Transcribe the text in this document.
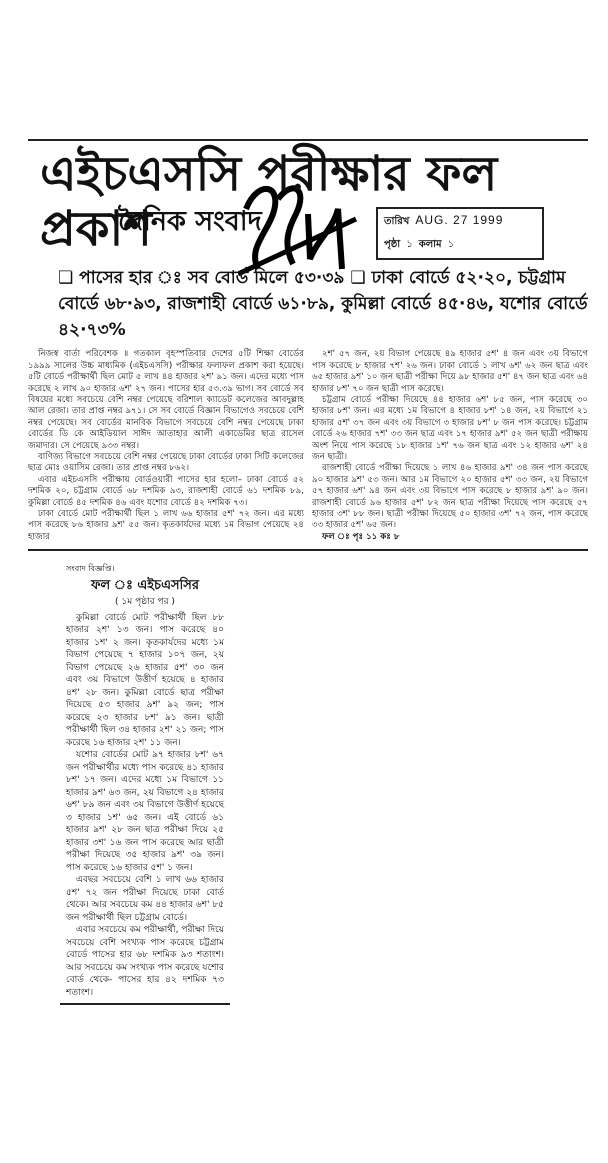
দৈনিক সংবাদ	তারিখ AUG. 27 1999
পৃষ্ঠা ১ কলাম ১
এইচএসসি পরীক্ষার ফল প্রকাশ
❏ পাসের হার ঃ সব বোর্ড মিলে ৫৩·৩৯ ❏ ঢাকা বোর্ডে ৫২·২০, চট্টগ্রাম বোর্ডে ৬৮·৯৩, রাজশাহী বোর্ডে ৬১·৮৯, কুমিল্লা বোর্ডে ৪৫·৪৬, যশোর বোর্ডে ৪২·৭৩%

নিজস্ব বার্তা পরিবেশক ॥ গতকাল বৃহস্পতিবার দেশের ৫টি শিক্ষা বোর্ডের ১৯৯৯ সালের উচ্চ মাধ্যমিক (এইচএসসি) পরীক্ষার ফলাফল প্রকাশ করা হয়েছে। ৫টি বোর্ডে পরীক্ষার্থী ছিল মোট ৫ লাখ ৪৪ হাজার ২শ' ৯১ জন। এদের মধ্যে পাস করেছে ২ লাখ ৯০ হাজার ৬শ' ২৭ জন। পাসের হার ৫৩.৩৯ ভাগ। সব বোর্ডে সব বিষয়ের মধ্যে সবচেয়ে বেশি নম্বর পেয়েছে বরিশাল ক্যাডেট কলেজের আবদুল্লাহ আল রেজা। তার প্রাপ্ত নম্বর ৯৭১। সে সব বোর্ডে বিজ্ঞান বিভাগেও সবচেয়ে বেশি নম্বর পেয়েছে। সব বোর্ডের মানবিক বিভাগে সবচেয়ে বেশি নম্বর পেয়েছে ঢাকা বোর্ডের ডি কে আইডিয়াল সাঈদ আতাহার আলী একাডেমির ছাত্র রাসেল জমাদার। সে পেয়েছে ৯৩৩ নম্বর।

বাণিজ্য বিভাগে সবচেয়ে বেশি নম্বর পেয়েছে ঢাকা বোর্ডের ঢাকা সিটি কলেজের ছাত্র মোঃ ওয়াসিম রেজা। তার প্রাপ্ত নম্বর ৮৬২।

এবার এইচএসসি পরীক্ষায় বোর্ডওয়ারী পাসের হার হলো– ঢাকা বোর্ডে ৫২ দশমিক ২০, চট্টগ্রাম বোর্ডে ৬৮ দশমিক ৯৩, রাজশাহী বোর্ডে ৬১ দশমিক ৮৯, কুমিল্লা বোর্ডে ৪৫ দশমিক ৪৬ এবং যশোর বোর্ডে ৪২ দশমিক ৭৩।

ঢাকা বোর্ডে মোট পরীক্ষার্থী ছিল ১ লাখ ৬৬ হাজার ৫শ' ৭২ জন। এর মধ্যে পাস করেছে ৮৬ হাজার ৯শ' ৫৫ জন। কৃতকার্যদের মধ্যে ১ম বিভাগ পেয়েছে ২৪ হাজার

২শ' ৫৭ জন, ২য় বিভাগ পেয়েছে ৪৯ হাজার ৫শ' ৪ জন এবং ৩য় বিভাগে পাস করেছে ৮ হাজার ৭শ' ২৬ জন। ঢাকা বোর্ডে ১ লাখ ৬শ' ৬২ জন ছাত্র এবং ৬৫ হাজার ৯শ' ১০ জন ছাত্রী পরীক্ষা দিয়ে ৯৮ হাজার ৫শ' ৪৭ জন ছাত্র এবং ৬৪ হাজার ৮শ' ৭০ জন ছাত্রী পাস করেছে।

চট্টগ্রাম বোর্ডে পরীক্ষা দিয়েছে ৪৪ হাজার ৬শ' ৮৫ জন, পাস করেছে ৩০ হাজার ৮শ' জন। এর মধ্যে ১ম বিভাগে ৪ হাজার ৮শ' ১৪ জন, ২য় বিভাগে ২১ হাজার ৫শ' ৩৭ জন এবং ৩য় বিভাগে ৩ হাজার ৮শ' ৮ জন পাস করেছে। চট্টগ্রাম বোর্ডে ২৬ হাজার ৭শ' ৩৩ জন ছাত্র এবং ১৭ হাজার ৯শ' ৫২ জন ছাত্রী পরীক্ষায় অংশ নিয়ে পাস করেছে ১৮ হাজার ১শ' ৭৬ জন ছাত্র এবং ১২ হাজার ৬শ' ২৪ জন ছাত্রী।

রাজশাহী বোর্ডে পরীক্ষা দিয়েছে ১ লাখ ৪৬ হাজার ৯শ' ৩৪ জন পাস করেছে ৯০ হাজার ৯শ' ৫৩ জন। আর ১ম বিভাগে ২০ হাজার ৫শ' ৩৩ জন, ২য় বিভাগে ৫৭ হাজার ৬শ' ৯৪ জন এবং ৩য় বিভাগে পাস করেছে ৮ হাজার ৯শ' ৯০ জন। রাজশাহী বোর্ডে ৯৬ হাজার ৫শ' ৮২ জন ছাত্র পরীক্ষা দিয়েছে পাস করেছে ৫৭ হাজার ৩শ' ৮৮ জন। ছাত্রী পরীক্ষা দিয়েছে ৫০ হাজার ৩শ' ৭২ জন, পাস করেছে ৩৩ হাজার ৫শ' ৬৫ জন।

ফল ঃ পৃঃ ১১ কঃ ৮

সংবাদ বিজ্ঞপ্তি।
ফল ঃ এইচএসসির
( ১ম পৃষ্ঠার পর )

কুমিল্লা বোর্ডে মোট পরীক্ষার্থী ছিল ৮৮ হাজার ২শ' ১৩ জন। পাস করেছে ৪০ হাজার ১শ' ২ জন। কৃতকার্যদের মধ্যে ১ম বিভাগ পেয়েছে ৭ হাজার ১০৭ জন, ২য় বিভাগ পেয়েছে ২৬ হাজার ৫শ' ৩০ জন এবং ৩য় বিভাগে উত্তীর্ণ হয়েছে ৪ হাজার ৪শ' ২৮ জন। কুমিল্লা বোর্ডে ছাত্র পরীক্ষা দিয়েছে ৫৩ হাজার ৯শ' ৯২ জন; পাস করেছে ২৩ হাজার ৮শ' ৯১ জন। ছাত্রী পরীক্ষার্থী ছিল ৩৪ হাজার ২শ' ২১ জন; পাস করেছে ১৬ হাজার ২শ' ১১ জন।

যশোর বোর্ডের মোট ৯৭ হাজার ৮শ' ৬৭ জন পরীক্ষার্থীর মধ্যে পাস করেছে ৪১ হাজার ৮শ' ১৭ জন। এদের মধ্যে ১ম বিভাগে ১১ হাজার ৯শ' ৬৩ জন, ২য় বিভাগে ২৪ হাজার ৬শ' ৮৯ জন এবং ৩য় বিভাগে উত্তীর্ণ হয়েছে ৩ হাজার ১শ' ৬৫ জন। এই বোর্ডে ৬১ হাজার ৯শ' ২৮ জন ছাত্র পরীক্ষা দিয়ে ২৫ হাজার ৩শ' ১৬ জন পাস করেছে আর ছাত্রী পরীক্ষা দিয়েছে ৩৫ হাজার ৯শ' ৩৯ জন। পাস করেছে ১৬ হাজার ৫শ' ১ জন।

এবছর সবচেয়ে বেশি ১ লাখ ৬৬ হাজার ৫শ' ৭২ জন পরীক্ষা দিয়েছে ঢাকা বোর্ড থেকে। আর সবচেয়ে কম ৪৪ হাজার ৬শ' ৮৫ জন পরীক্ষার্থী ছিল চট্টগ্রাম বোর্ডে।

এবার সবচেয়ে কম পরীক্ষার্থী, পরীক্ষা দিয়ে সবচেয়ে বেশি সংখ্যক পাস করেছে চট্টগ্রাম বোর্ডে পাসের হার ৬৮ দশমিক ৯৩ শতাংশ। আর সবচেয়ে কম সংখ্যক পাস করেছে যশোর বোর্ড থেকে- পাসের হার ৪২ দশমিক ৭৩ শতাংশ।
